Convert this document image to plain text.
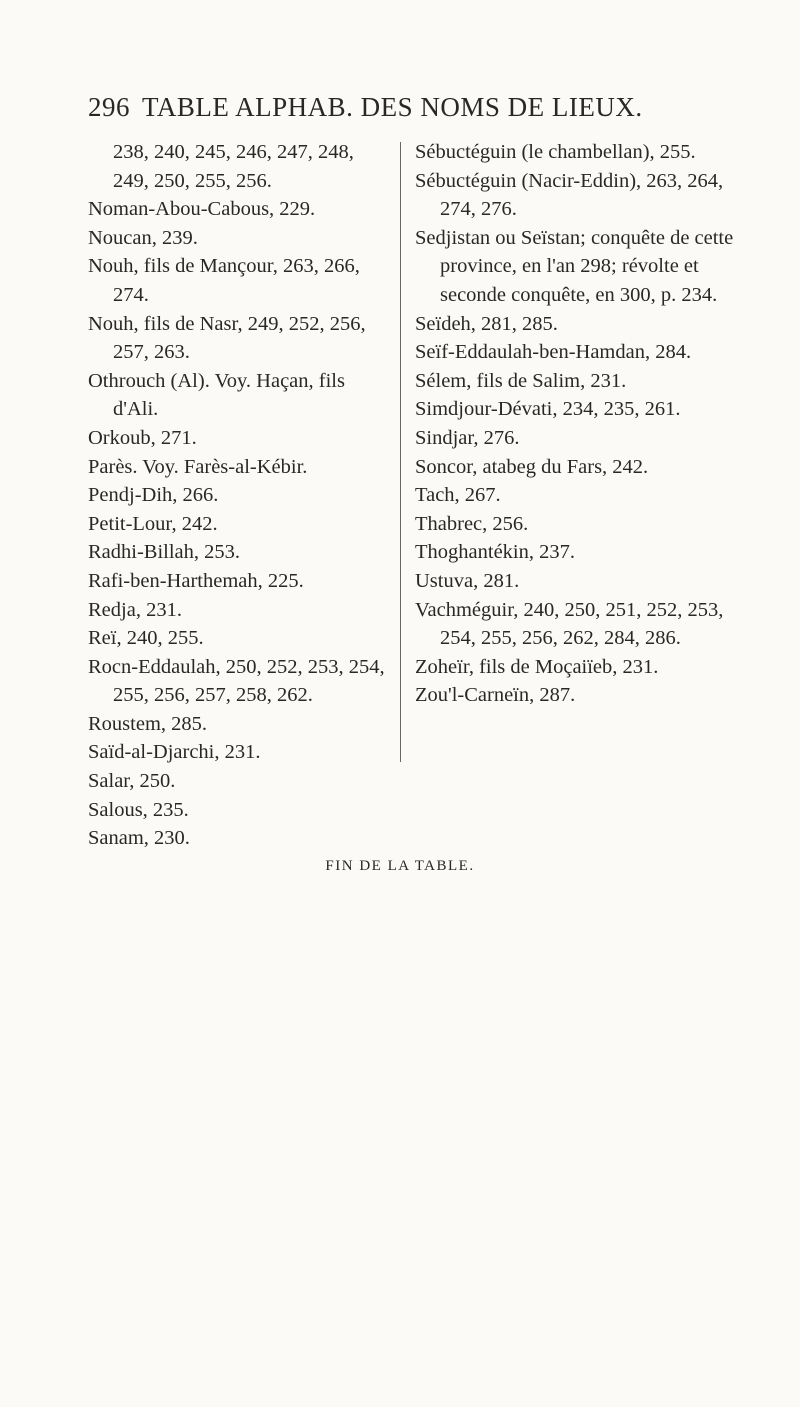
296 TABLE ALPHAB. DES NOMS DE LIEUX.
238, 240, 245, 246, 247, 248, 249, 250, 255, 256.
Noman-Abou-Cabous, 229.
Noucan, 239.
Nouh, fils de Mançour, 263, 266, 274.
Nouh, fils de Nasr, 249, 252, 256, 257, 263.
Othrouch (Al). Voy. Haçan, fils d'Ali.
Orkoub, 271.
Parès. Voy. Farès-al-Kébir.
Pendj-Dih, 266.
Petit-Lour, 242.
Radhi-Billah, 253.
Rafi-ben-Harthemah, 225.
Redja, 231.
Reï, 240, 255.
Rocn-Eddaulah, 250, 252, 253, 254, 255, 256, 257, 258, 262.
Roustem, 285.
Saïd-al-Djarchi, 231.
Salar, 250.
Salous, 235.
Sanam, 230.
Sébuctéguin (le chambellan), 255.
Sébuctéguin (Nacir-Eddin), 263, 264, 274, 276.
Sedjistan ou Seïstan; conquête de cette province, en l'an 298; révolte et seconde conquête, en 300, p. 234.
Seïdeh, 281, 285.
Seïf-Eddaulah-ben-Hamdan, 284.
Sélem, fils de Salim, 231.
Simdjour-Dévati, 234, 235, 261.
Sindjar, 276.
Soncor, atabeg du Fars, 242.
Tach, 267.
Thabrec, 256.
Thoghantékin, 237.
Ustuva, 281.
Vachméguir, 240, 250, 251, 252, 253, 254, 255, 256, 262, 284, 286.
Zoheïr, fils de Moçaiïeb, 231.
Zou'l-Carneïn, 287.
FIN DE LA TABLE.
